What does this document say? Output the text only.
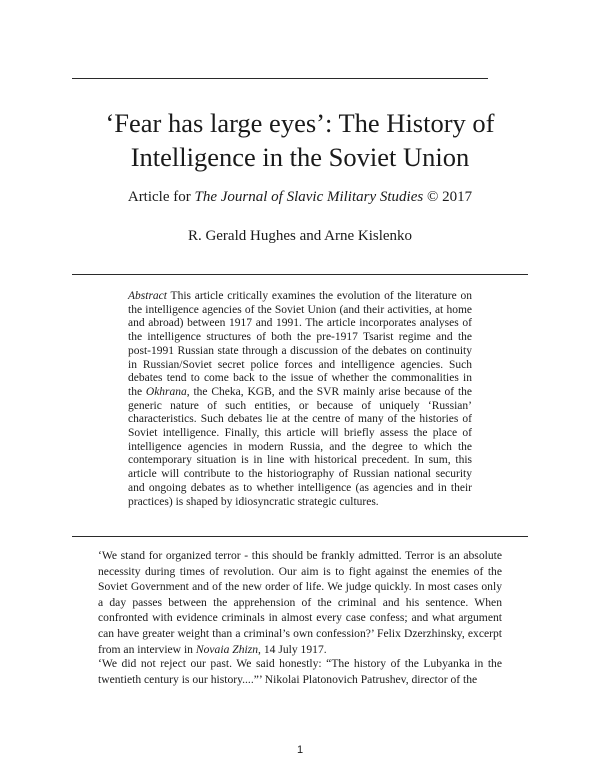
‘Fear has large eyes’: The History of
Intelligence in the Soviet Union
Article for The Journal of Slavic Military Studies © 2017
R. Gerald Hughes and Arne Kislenko
Abstract This article critically examines the evolution of the literature on the intelligence agencies of the Soviet Union (and their activities, at home and abroad) between 1917 and 1991. The article incorporates analyses of the intelligence structures of both the pre-1917 Tsarist regime and the post-1991 Russian state through a discussion of the debates on continuity in Russian/Soviet secret police forces and intelligence agencies. Such debates tend to come back to the issue of whether the commonalities in the Okhrana, the Cheka, KGB, and the SVR mainly arise because of the generic nature of such entities, or because of uniquely ‘Russian’ characteristics. Such debates lie at the centre of many of the histories of Soviet intelligence. Finally, this article will briefly assess the place of intelligence agencies in modern Russia, and the degree to which the contemporary situation is in line with historical precedent. In sum, this article will contribute to the historiography of Russian national security and ongoing debates as to whether intelligence (as agencies and in their practices) is shaped by idiosyncratic strategic cultures.
‘We stand for organized terror - this should be frankly admitted. Terror is an absolute necessity during times of revolution. Our aim is to fight against the enemies of the Soviet Government and of the new order of life. We judge quickly. In most cases only a day passes between the apprehension of the criminal and his sentence. When confronted with evidence criminals in almost every case confess; and what argument can have greater weight than a criminal’s own confession?’ Felix Dzerzhinsky, excerpt from an interview in Novaia Zhizn, 14 July 1917.
‘We did not reject our past. We said honestly: “The history of the Lubyanka in the twentieth century is our history....”’ Nikolai Platonovich Patrushev, director of the
1
